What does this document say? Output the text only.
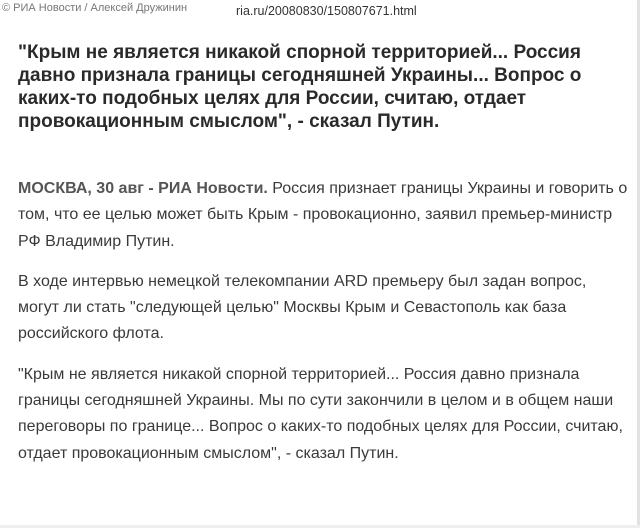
© РИА Новости / Алексей Дружинин	ria.ru/20080830/150807671.html
"Крым не является никакой спорной территорией... Россия давно признала границы сегодняшней Украины... Вопрос о каких-то подобных целях для России, считаю, отдает провокационным смыслом", - сказал Путин.

МОСКВА, 30 авг - РИА Новости. Россия признает границы Украины и говорить о том, что ее целью может быть Крым - провокационно, заявил премьер-министр РФ Владимир Путин.

В ходе интервью немецкой телекомпании ARD премьеру был задан вопрос, могут ли стать "следующей целью" Москвы Крым и Севастополь как база российского флота.

"Крым не является никакой спорной территорией... Россия давно признала границы сегодняшней Украины. Мы по сути закончили в целом и в общем наши переговоры по границе... Вопрос о каких-то подобных целях для России, считаю, отдает провокационным смыслом", - сказал Путин.
